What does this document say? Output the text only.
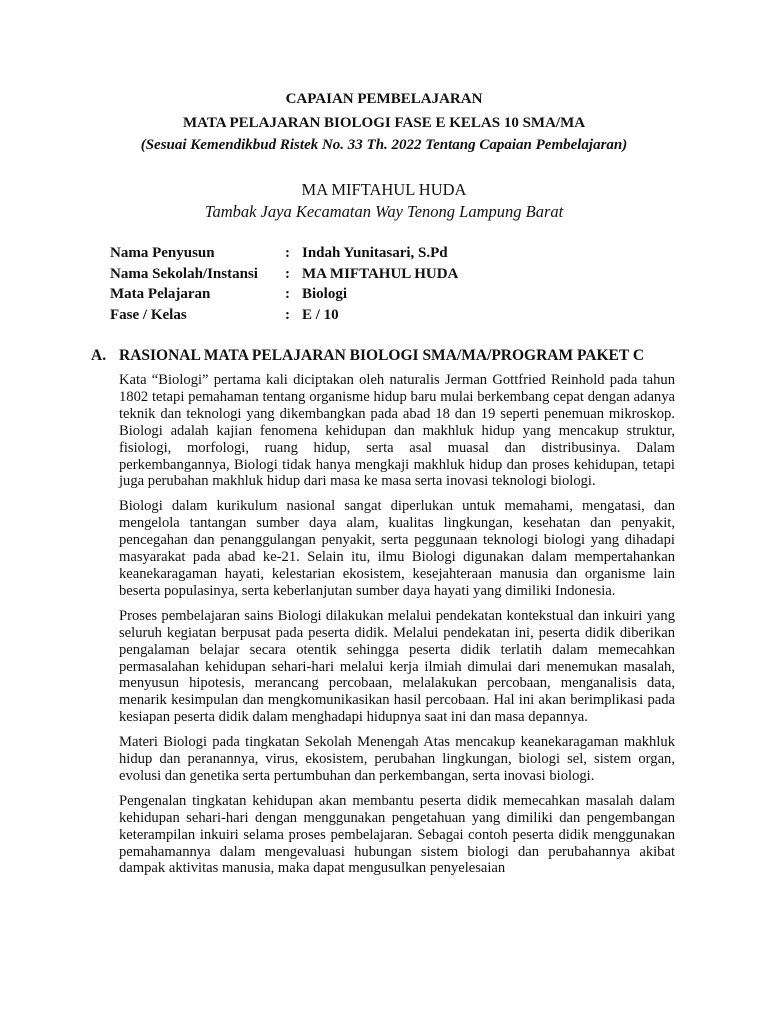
CAPAIAN PEMBELAJARAN
MATA PELAJARAN BIOLOGI FASE E KELAS 10 SMA/MA
(Sesuai Kemendikbud Ristek No. 33 Th. 2022 Tentang Capaian Pembelajaran)
MA MIFTAHUL HUDA
Tambak Jaya Kecamatan Way Tenong Lampung Barat
Nama Penyusun	: Indah Yunitasari, S.Pd
Nama Sekolah/Instansi	: MA MIFTAHUL HUDA
Mata Pelajaran	: Biologi
Fase / Kelas	: E / 10
A. RASIONAL MATA PELAJARAN BIOLOGI SMA/MA/PROGRAM PAKET C

Kata “Biologi” pertama kali diciptakan oleh naturalis Jerman Gottfried Reinhold pada tahun 1802 tetapi pemahaman tentang organisme hidup baru mulai berkembang cepat dengan adanya teknik dan teknologi yang dikembangkan pada abad 18 dan 19 seperti penemuan mikroskop. Biologi adalah kajian fenomena kehidupan dan makhluk hidup yang mencakup struktur, fisiologi, morfologi, ruang hidup, serta asal muasal dan distribusinya. Dalam perkembangannya, Biologi tidak hanya mengkaji makhluk hidup dan proses kehidupan, tetapi juga perubahan makhluk hidup dari masa ke masa serta inovasi teknologi biologi.

Biologi dalam kurikulum nasional sangat diperlukan untuk memahami, mengatasi, dan mengelola tantangan sumber daya alam, kualitas lingkungan, kesehatan dan penyakit, pencegahan dan penanggulangan penyakit, serta peggunaan teknologi biologi yang dihadapi masyarakat pada abad ke-21. Selain itu, ilmu Biologi digunakan dalam mempertahankan keanekaragaman hayati, kelestarian ekosistem, kesejahteraan manusia dan organisme lain beserta populasinya, serta keberlanjutan sumber daya hayati yang dimiliki Indonesia.

Proses pembelajaran sains Biologi dilakukan melalui pendekatan kontekstual dan inkuiri yang seluruh kegiatan berpusat pada peserta didik. Melalui pendekatan ini, peserta didik diberikan pengalaman belajar secara otentik sehingga peserta didik terlatih dalam memecahkan permasalahan kehidupan sehari-hari melalui kerja ilmiah dimulai dari menemukan masalah, menyusun hipotesis, merancang percobaan, melalakukan percobaan, menganalisis data, menarik kesimpulan dan mengkomunikasikan hasil percobaan. Hal ini akan berimplikasi pada kesiapan peserta didik dalam menghadapi hidupnya saat ini dan masa depannya.

Materi Biologi pada tingkatan Sekolah Menengah Atas mencakup keanekaragaman makhluk hidup dan peranannya, virus, ekosistem, perubahan lingkungan, biologi sel, sistem organ, evolusi dan genetika serta pertumbuhan dan perkembangan, serta inovasi biologi.

Pengenalan tingkatan kehidupan akan membantu peserta didik memecahkan masalah dalam kehidupan sehari-hari dengan menggunakan pengetahuan yang dimiliki dan pengembangan keterampilan inkuiri selama proses pembelajaran. Sebagai contoh peserta didik menggunakan pemahamannya dalam mengevaluasi hubungan sistem biologi dan perubahannya akibat dampak aktivitas manusia, maka dapat mengusulkan penyelesaian
